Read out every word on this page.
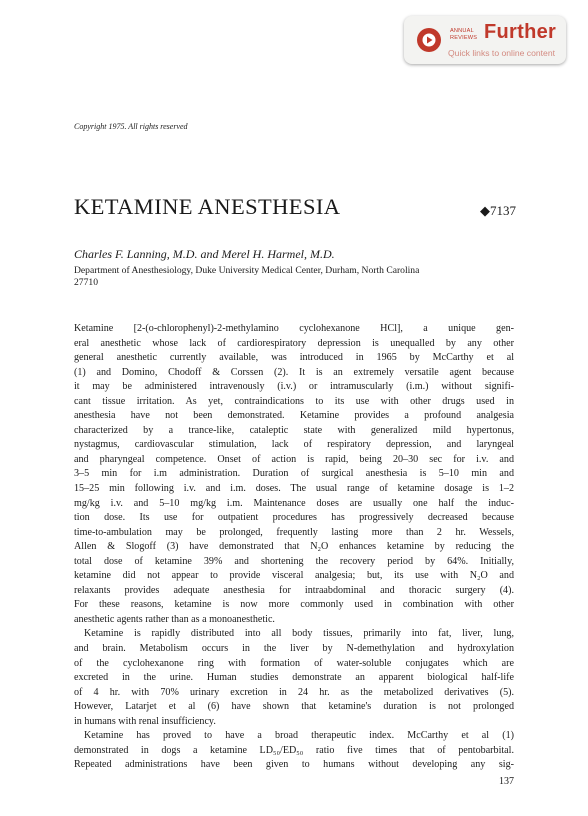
ANNUAL
REVIEWS Further
Quick links to online content
Copyright 1975. All rights reserved
KETAMINE ANESTHESIA	◆7137
Charles F. Lanning, M.D. and Merel H. Harmel, M.D.
Department of Anesthesiology, Duke University Medical Center, Durham, North Carolina
27710
Ketamine [2-(o-chlorophenyl)-2-methylamino cyclohexanone HCl], a unique gen-
eral anesthetic whose lack of cardiorespiratory depression is unequalled by any other
general anesthetic currently available, was introduced in 1965 by McCarthy et al
(1) and Domino, Chodoff & Corssen (2). It is an extremely versatile agent because
it may be administered intravenously (i.v.) or intramuscularly (i.m.) without signifi-
cant tissue irritation. As yet, contraindications to its use with other drugs used in
anesthesia have not been demonstrated. Ketamine provides a profound analgesia
characterized by a trance-like, cataleptic state with generalized mild hypertonus,
nystagmus, cardiovascular stimulation, lack of respiratory depression, and laryngeal
and pharyngeal competence. Onset of action is rapid, being 20–30 sec for i.v. and
3–5 min for i.m administration. Duration of surgical anesthesia is 5–10 min and
15–25 min following i.v. and i.m. doses. The usual range of ketamine dosage is 1–2
mg/kg i.v. and 5–10 mg/kg i.m. Maintenance doses are usually one half the induc-
tion dose. Its use for outpatient procedures has progressively decreased because
time-to-ambulation may be prolonged, frequently lasting more than 2 hr. Wessels,
Allen & Slogoff (3) have demonstrated that N₂O enhances ketamine by reducing the
total dose of ketamine 39% and shortening the recovery period by 64%. Initially,
ketamine did not appear to provide visceral analgesia; but, its use with N₂O and
relaxants provides adequate anesthesia for intraabdominal and thoracic surgery (4).
For these reasons, ketamine is now more commonly used in combination with other
anesthetic agents rather than as a monoanesthetic.
Ketamine is rapidly distributed into all body tissues, primarily into fat, liver, lung,
and brain. Metabolism occurs in the liver by N-demethylation and hydroxylation
of the cyclohexanone ring with formation of water-soluble conjugates which are
excreted in the urine. Human studies demonstrate an apparent biological half-life
of 4 hr. with 70% urinary excretion in 24 hr. as the metabolized derivatives (5).
However, Latarjet et al (6) have shown that ketamine's duration is not prolonged
in humans with renal insufficiency.
Ketamine has proved to have a broad therapeutic index. McCarthy et al (1)
demonstrated in dogs a ketamine LD₅₀/ED₅₀ ratio five times that of pentobarbital.
Repeated administrations have been given to humans without developing any sig-
137
